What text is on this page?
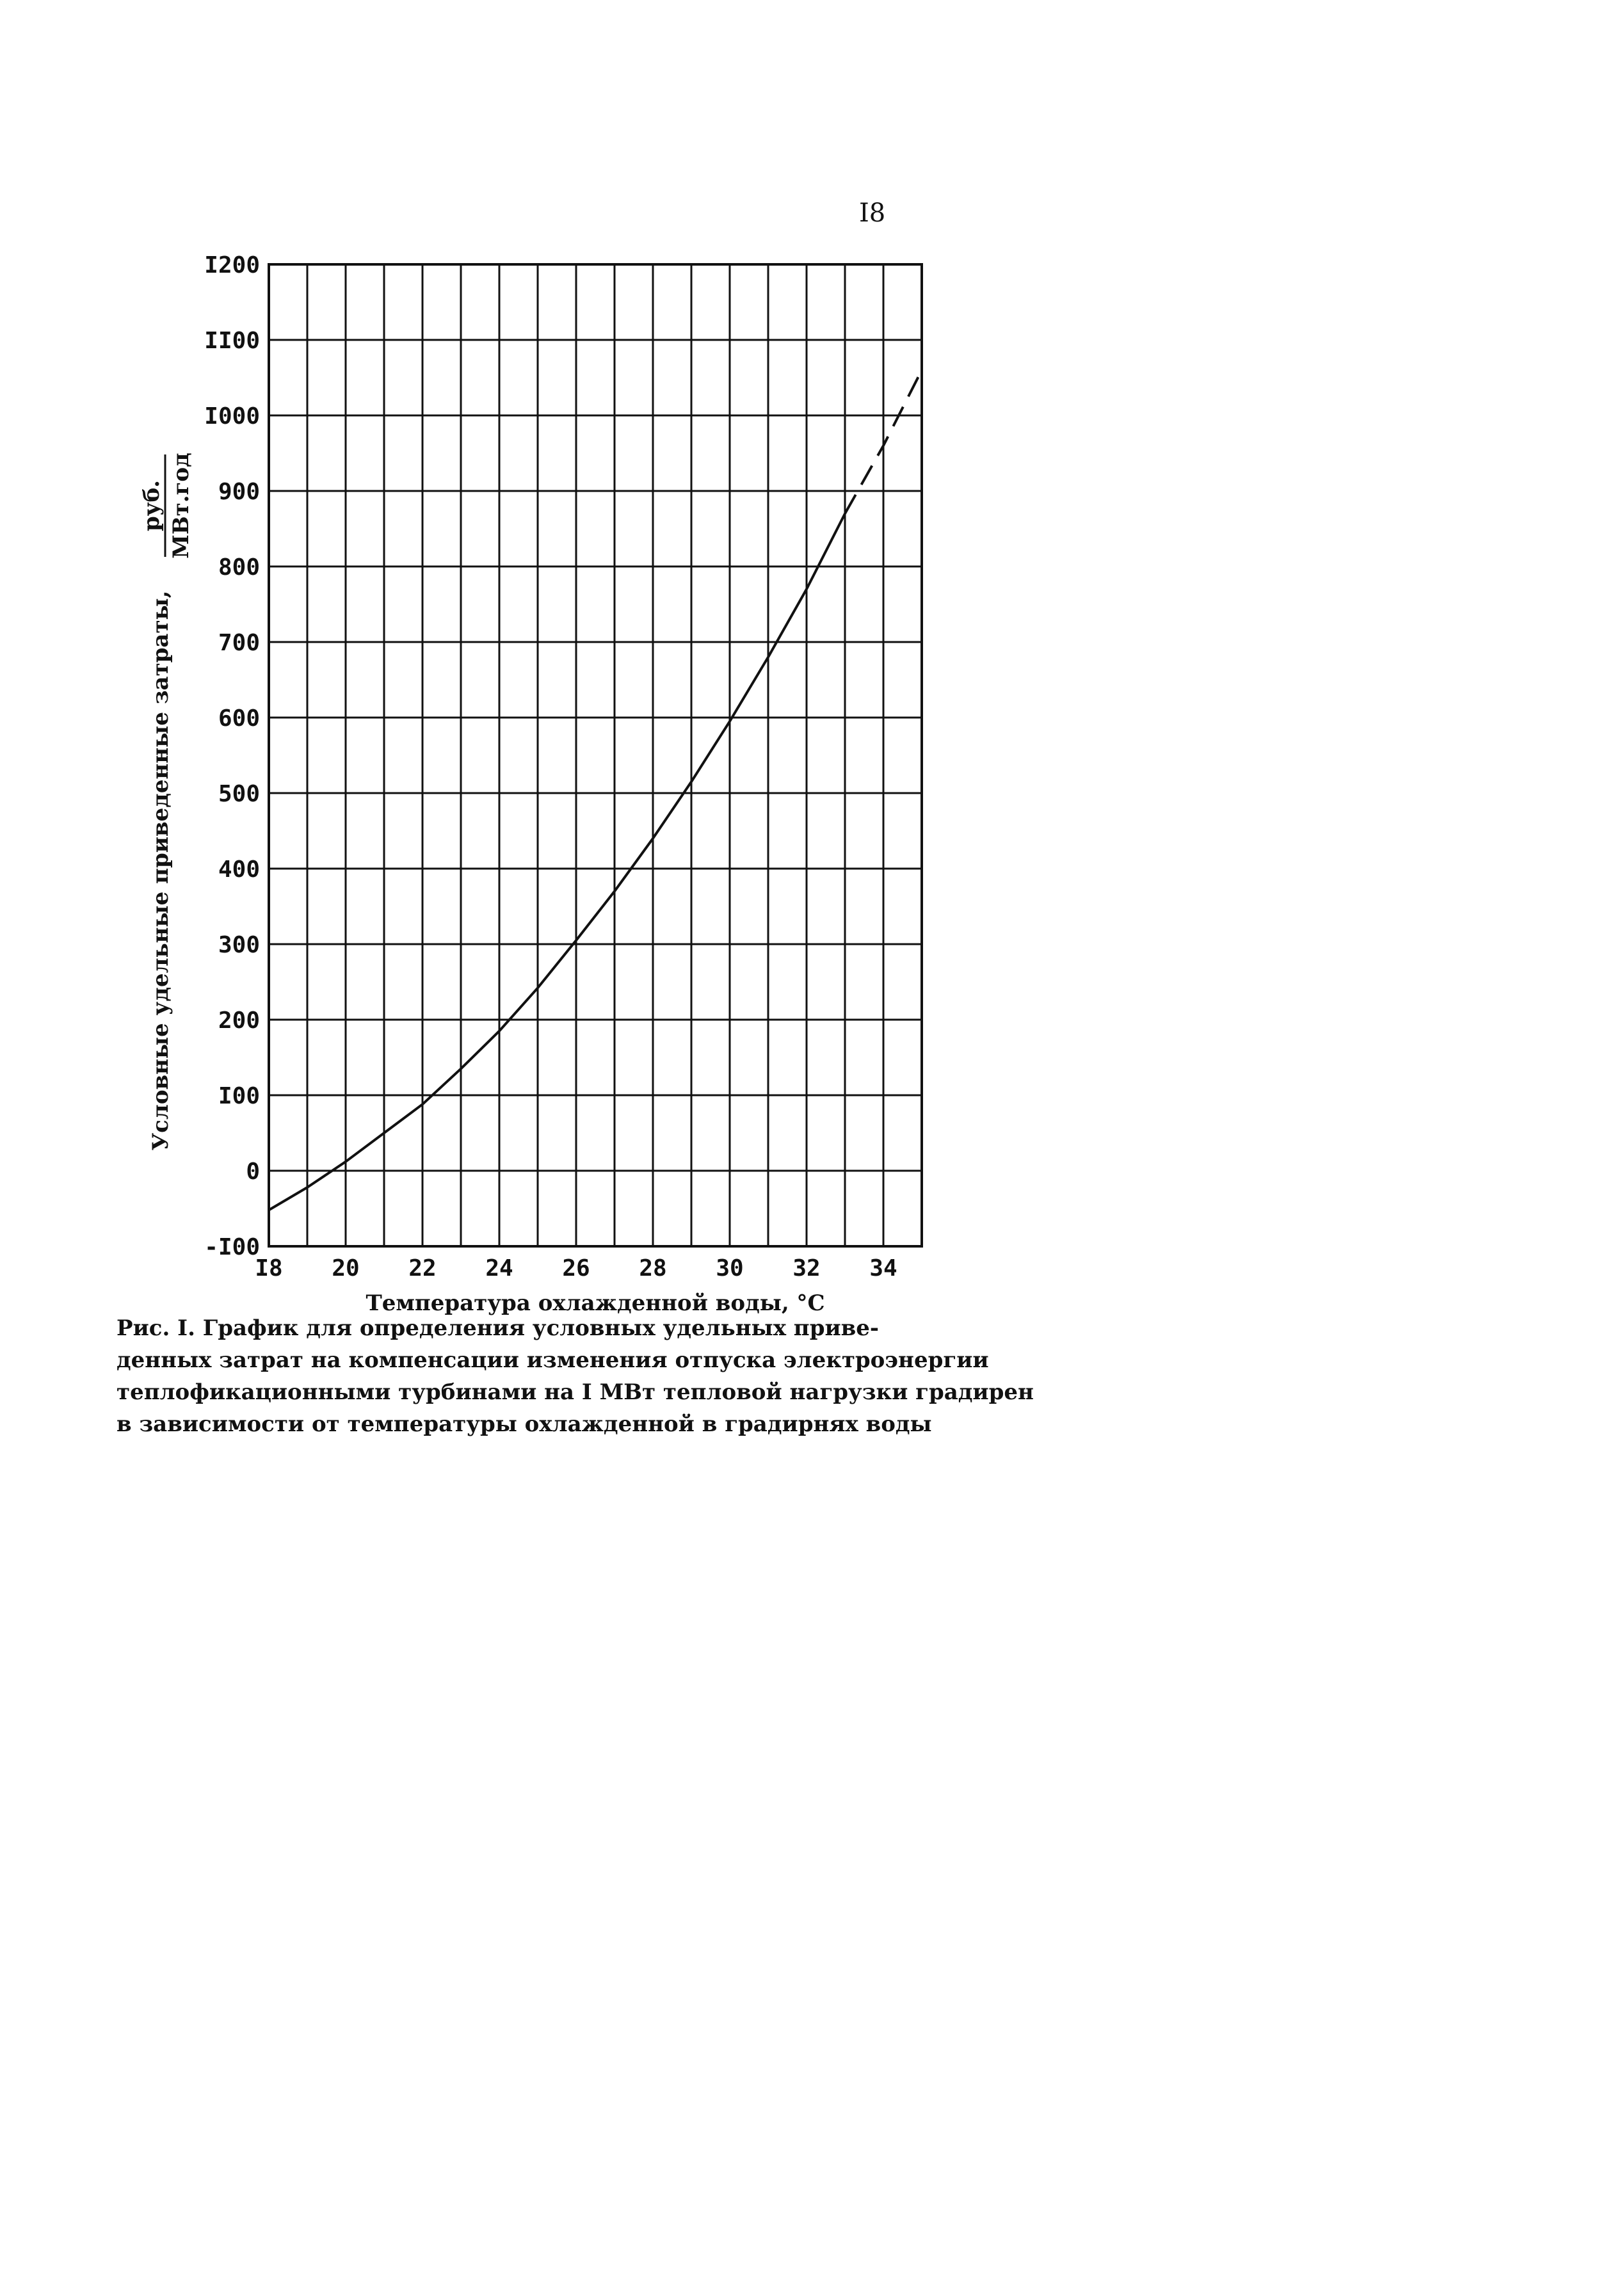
I8
-I00
0
I00
200
300
400
500
600
700
800
900
I000
II00
I200
I8 20 22 24 26 28 30 32 34
Температура охлажденной воды, °С
Условные удельные приведенные затраты,
руб. МВт.год
Рис. I. График для определения условных удельных приве-
денных затрат на компенсации изменения отпуска электроэнергии
теплофикационными турбинами на I МВт тепловой нагрузки градирен
в зависимости от температуры охлажденной в градирнях воды
